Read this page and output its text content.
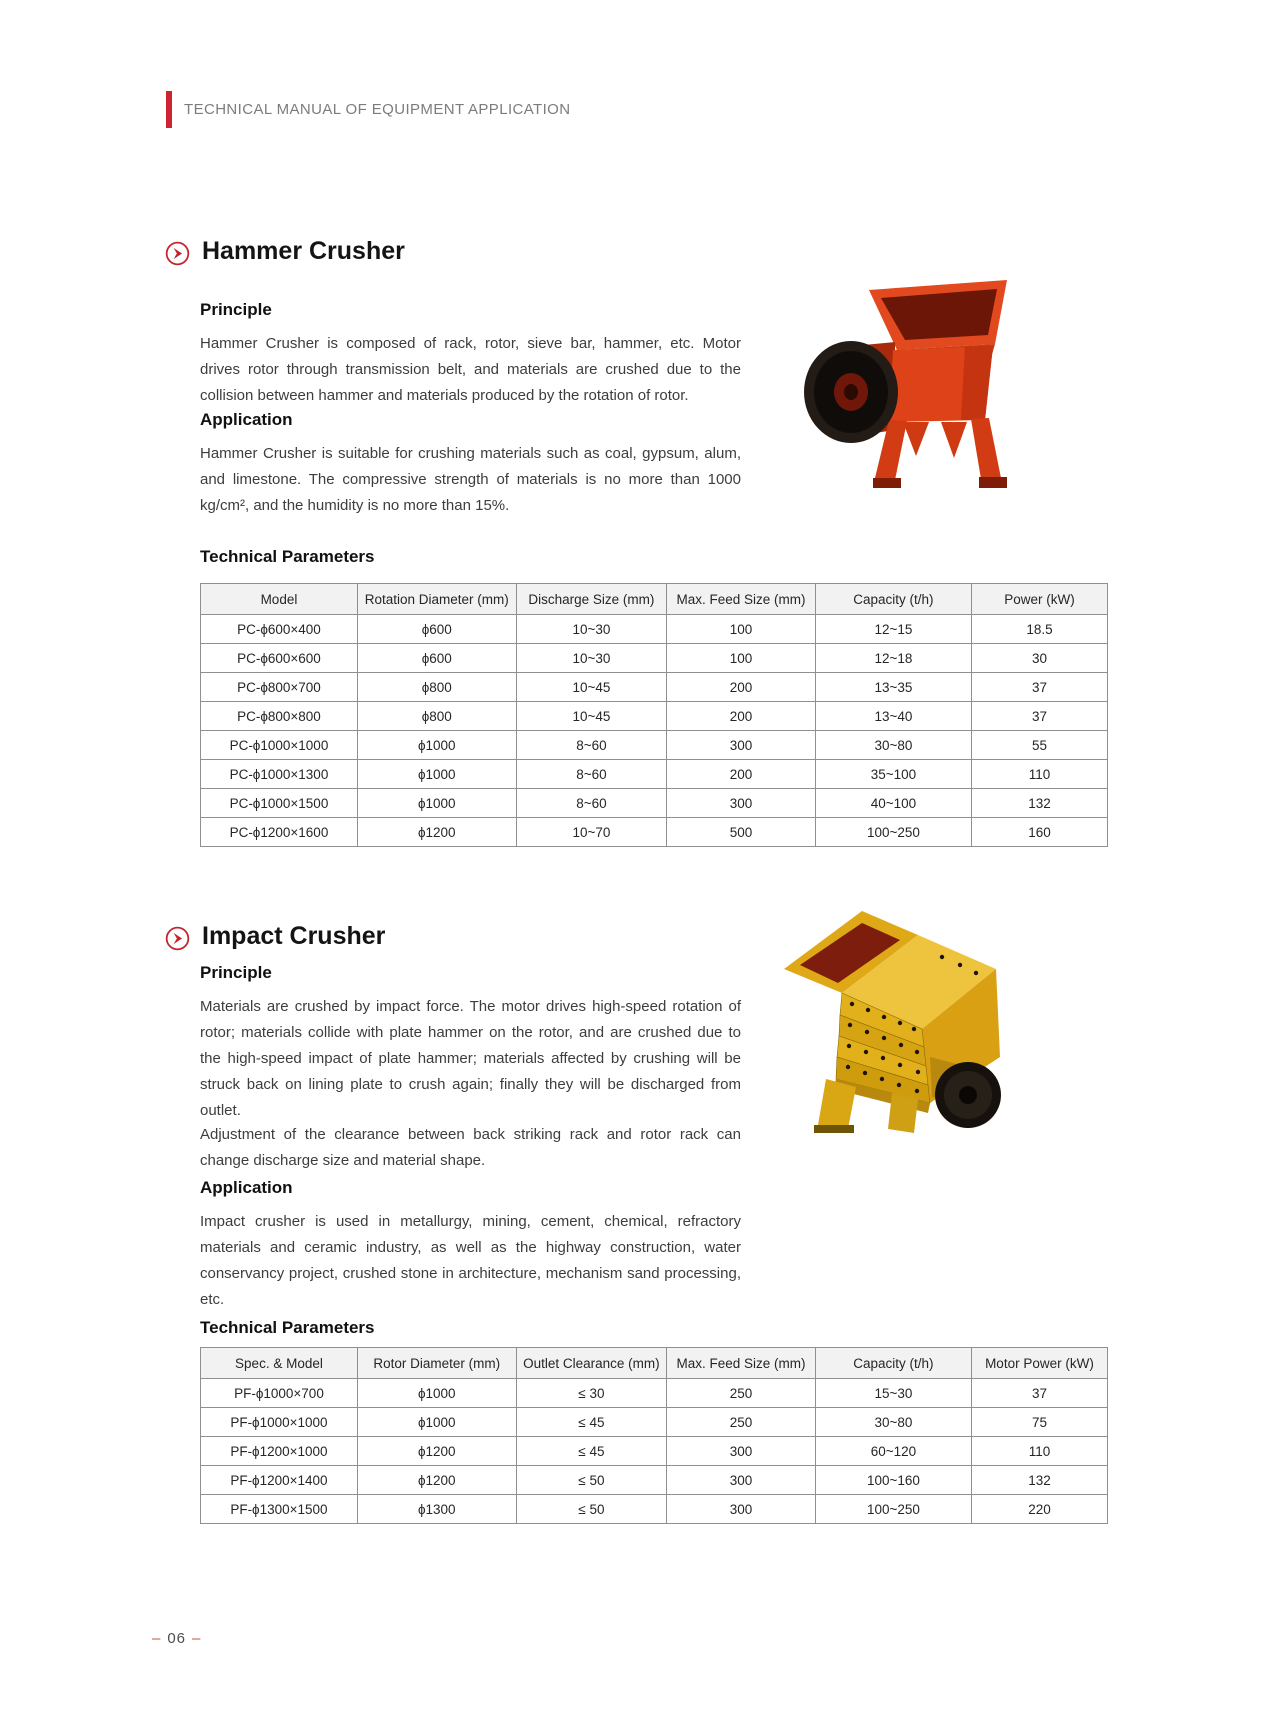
TECHNICAL MANUAL OF EQUIPMENT APPLICATION
Hammer Crusher
Principle
Hammer Crusher is composed of rack, rotor, sieve bar, hammer, etc. Motor drives rotor through transmission belt, and materials are crushed due to the collision between hammer and materials produced by the rotation of rotor.
Application
Hammer Crusher is suitable for crushing materials such as coal, gypsum, alum, and limestone. The compressive strength of materials is no more than 1000 kg/cm², and the humidity is no more than 15%.
Technical Parameters
Model	Rotation Diameter (mm)	Discharge Size (mm)	Max. Feed Size (mm)	Capacity (t/h)	Power (kW)
PC-ϕ600×400	ϕ600	10~30	100	12~15	18.5
PC-ϕ600×600	ϕ600	10~30	100	12~18	30
PC-ϕ800×700	ϕ800	10~45	200	13~35	37
PC-ϕ800×800	ϕ800	10~45	200	13~40	37
PC-ϕ1000×1000	ϕ1000	8~60	300	30~80	55
PC-ϕ1000×1300	ϕ1000	8~60	200	35~100	110
PC-ϕ1000×1500	ϕ1000	8~60	300	40~100	132
PC-ϕ1200×1600	ϕ1200	10~70	500	100~250	160
Impact Crusher
Principle
Materials are crushed by impact force. The motor drives high-speed rotation of rotor; materials collide with plate hammer on the rotor, and are crushed due to the high-speed impact of plate hammer; materials affected by crushing will be struck back on lining plate to crush again; finally they will be discharged from outlet.
Adjustment of the clearance between back striking rack and rotor rack can change discharge size and material shape.
Application
Impact crusher is used in metallurgy, mining, cement, chemical, refractory materials and ceramic industry, as well as the highway construction, water conservancy project, crushed stone in architecture, mechanism sand processing, etc.
Technical Parameters
Spec. & Model	Rotor Diameter (mm)	Outlet Clearance (mm)	Max. Feed Size (mm)	Capacity (t/h)	Motor Power (kW)
PF-ϕ1000×700	ϕ1000	≤ 30	250	15~30	37
PF-ϕ1000×1000	ϕ1000	≤ 45	250	30~80	75
PF-ϕ1200×1000	ϕ1200	≤ 45	300	60~120	110
PF-ϕ1200×1400	ϕ1200	≤ 50	300	100~160	132
PF-ϕ1300×1500	ϕ1300	≤ 50	300	100~250	220
– 06 –
